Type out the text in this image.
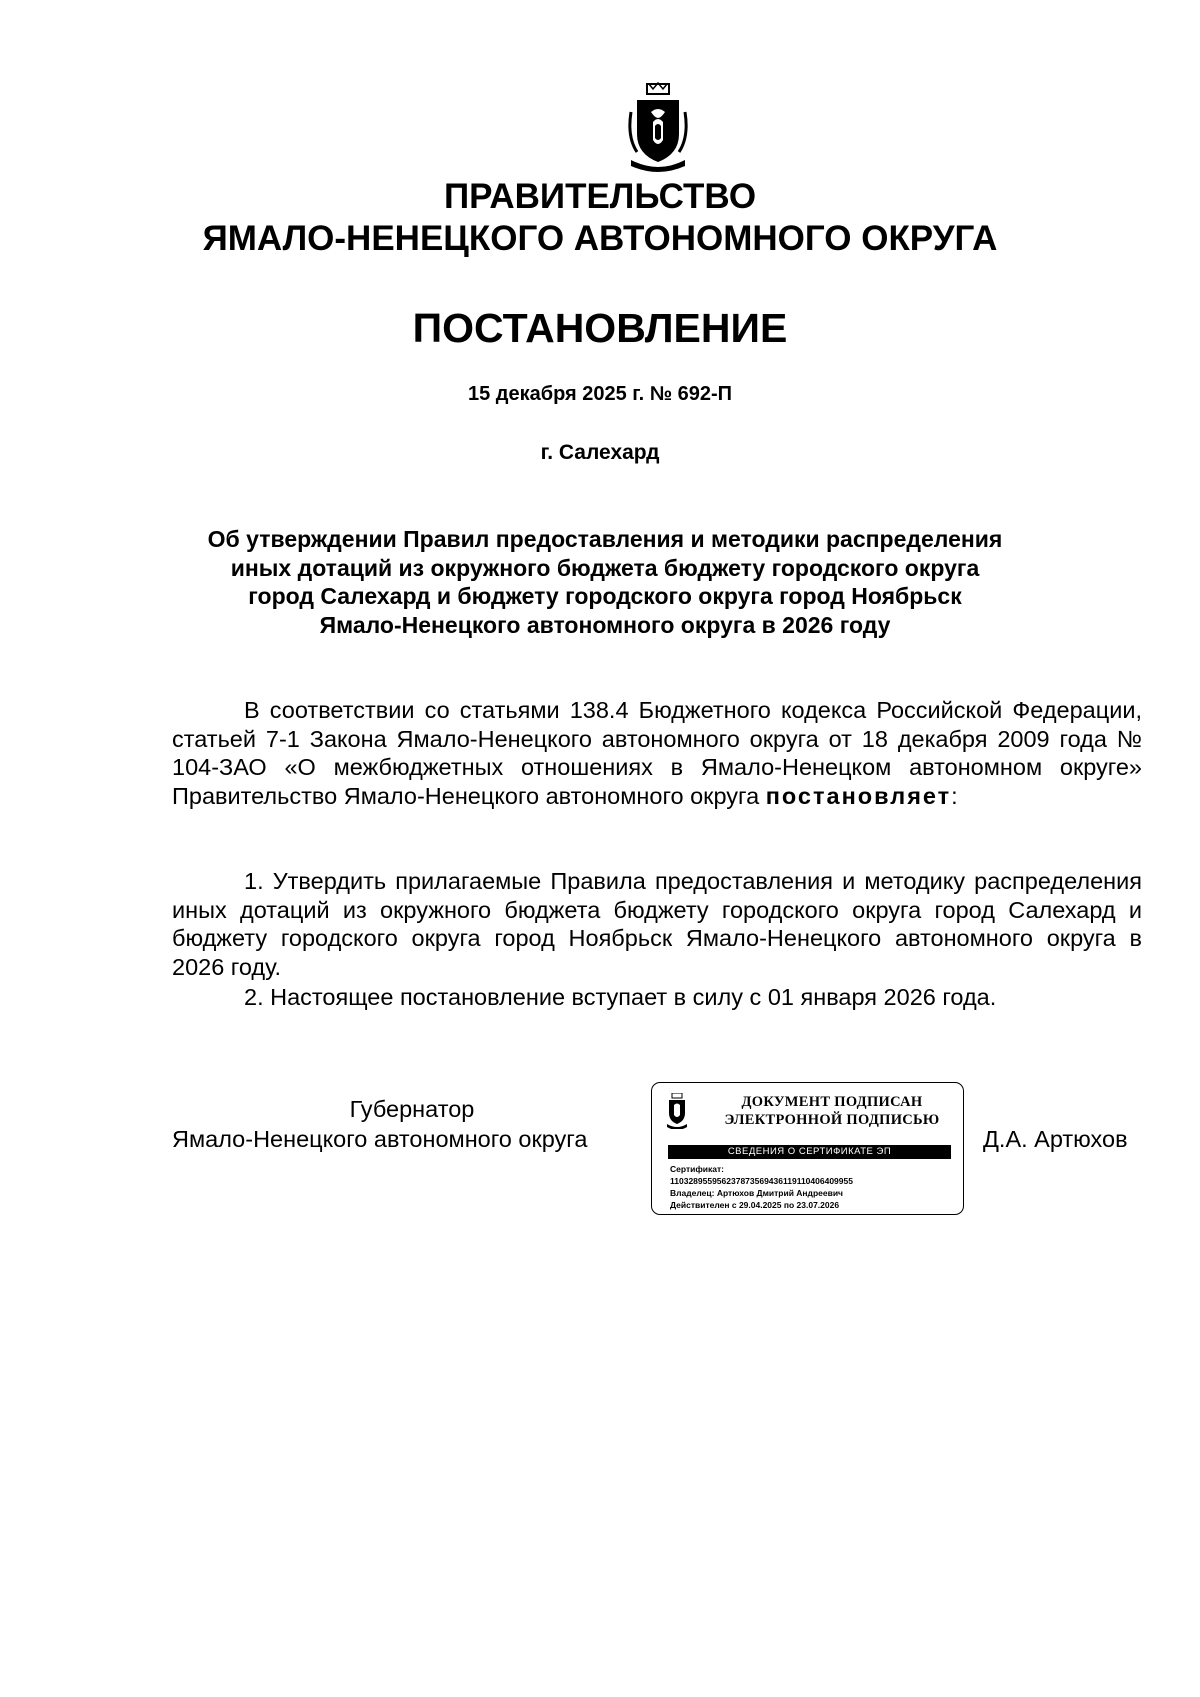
ПРАВИТЕЛЬСТВО
ЯМАЛО-НЕНЕЦКОГО АВТОНОМНОГО ОКРУГА
ПОСТАНОВЛЕНИЕ
15 декабря 2025 г. № 692-П
г. Салехард
Об утверждении Правил предоставления и методики распределения
иных дотаций из окружного бюджета бюджету городского округа
город Салехард и бюджету городского округа город Ноябрьск
Ямало-Ненецкого автономного округа в 2026 году
В соответствии со статьями 138.4 Бюджетного кодекса Российской Федерации, статьей 7-1 Закона Ямало-Ненецкого автономного округа от 18 декабря 2009 года № 104-ЗАО «О межбюджетных отношениях в Ямало-Ненецком автономном округе» Правительство Ямало-Ненецкого автономного округа постановляет:
1. Утвердить прилагаемые Правила предоставления и методику распределения иных дотаций из окружного бюджета бюджету городского округа город Салехард и бюджету городского округа город Ноябрьск Ямало-Ненецкого автономного округа в 2026 году.
2. Настоящее постановление вступает в силу с 01 января 2026 года.
Губернатор
Ямало-Ненецкого автономного округа	Д.А. Артюхов
ДОКУМЕНТ ПОДПИСАН
ЭЛЕКТРОННОЙ ПОДПИСЬЮ
СВЕДЕНИЯ О СЕРТИФИКАТЕ ЭП
Сертификат:
110328955956237873569436119110406409955
Владелец: Артюхов Дмитрий Андреевич
Действителен с 29.04.2025 по 23.07.2026
